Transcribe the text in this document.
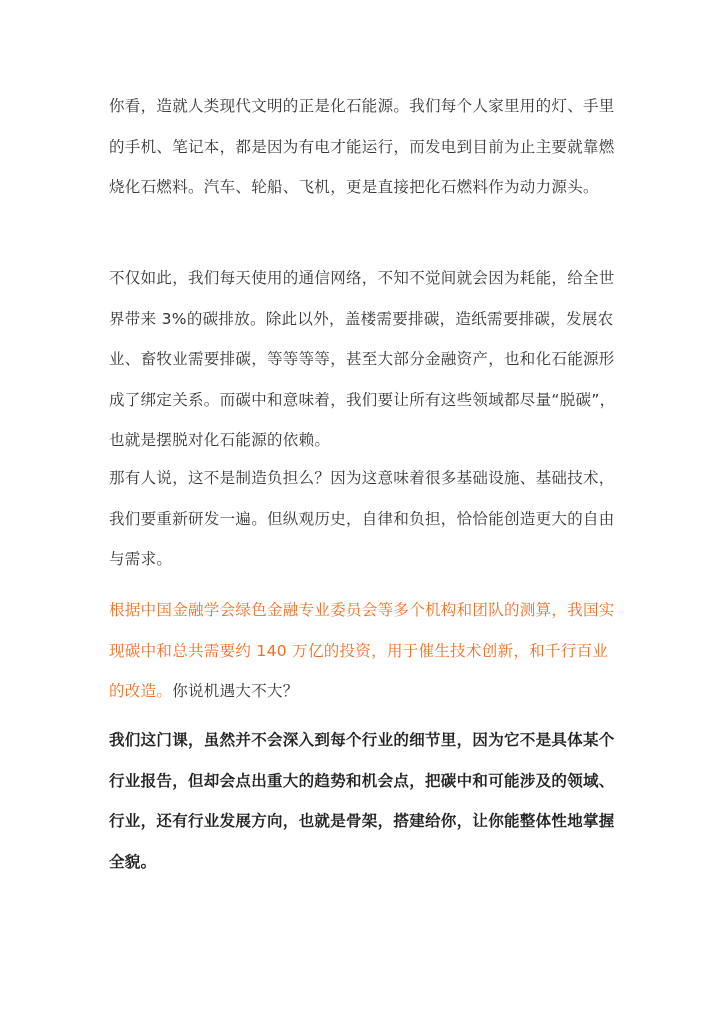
你看，造就人类现代文明的正是化石能源。我们每个人家里用的灯、手里的手机、笔记本，都是因为有电才能运行，而发电到目前为止主要就靠燃烧化石燃料。汽车、轮船、飞机，更是直接把化石燃料作为动力源头。

不仅如此，我们每天使用的通信网络，不知不觉间就会因为耗能，给全世界带来 3%的碳排放。除此以外，盖楼需要排碳，造纸需要排碳，发展农业、畜牧业需要排碳，等等等等，甚至大部分金融资产，也和化石能源形成了绑定关系。而碳中和意味着，我们要让所有这些领域都尽量“脱碳”，也就是摆脱对化石能源的依赖。

那有人说，这不是制造负担么？因为这意味着很多基础设施、基础技术，我们要重新研发一遍。但纵观历史，自律和负担，恰恰能创造更大的自由与需求。

根据中国金融学会绿色金融专业委员会等多个机构和团队的测算，我国实现碳中和总共需要约 140 万亿的投资，用于催生技术创新，和千行百业的改造。你说机遇大不大？

我们这门课，虽然并不会深入到每个行业的细节里，因为它不是具体某个行业报告，但却会点出重大的趋势和机会点，把碳中和可能涉及的领域、行业，还有行业发展方向，也就是骨架，搭建给你，让你能整体性地掌握全貌。
